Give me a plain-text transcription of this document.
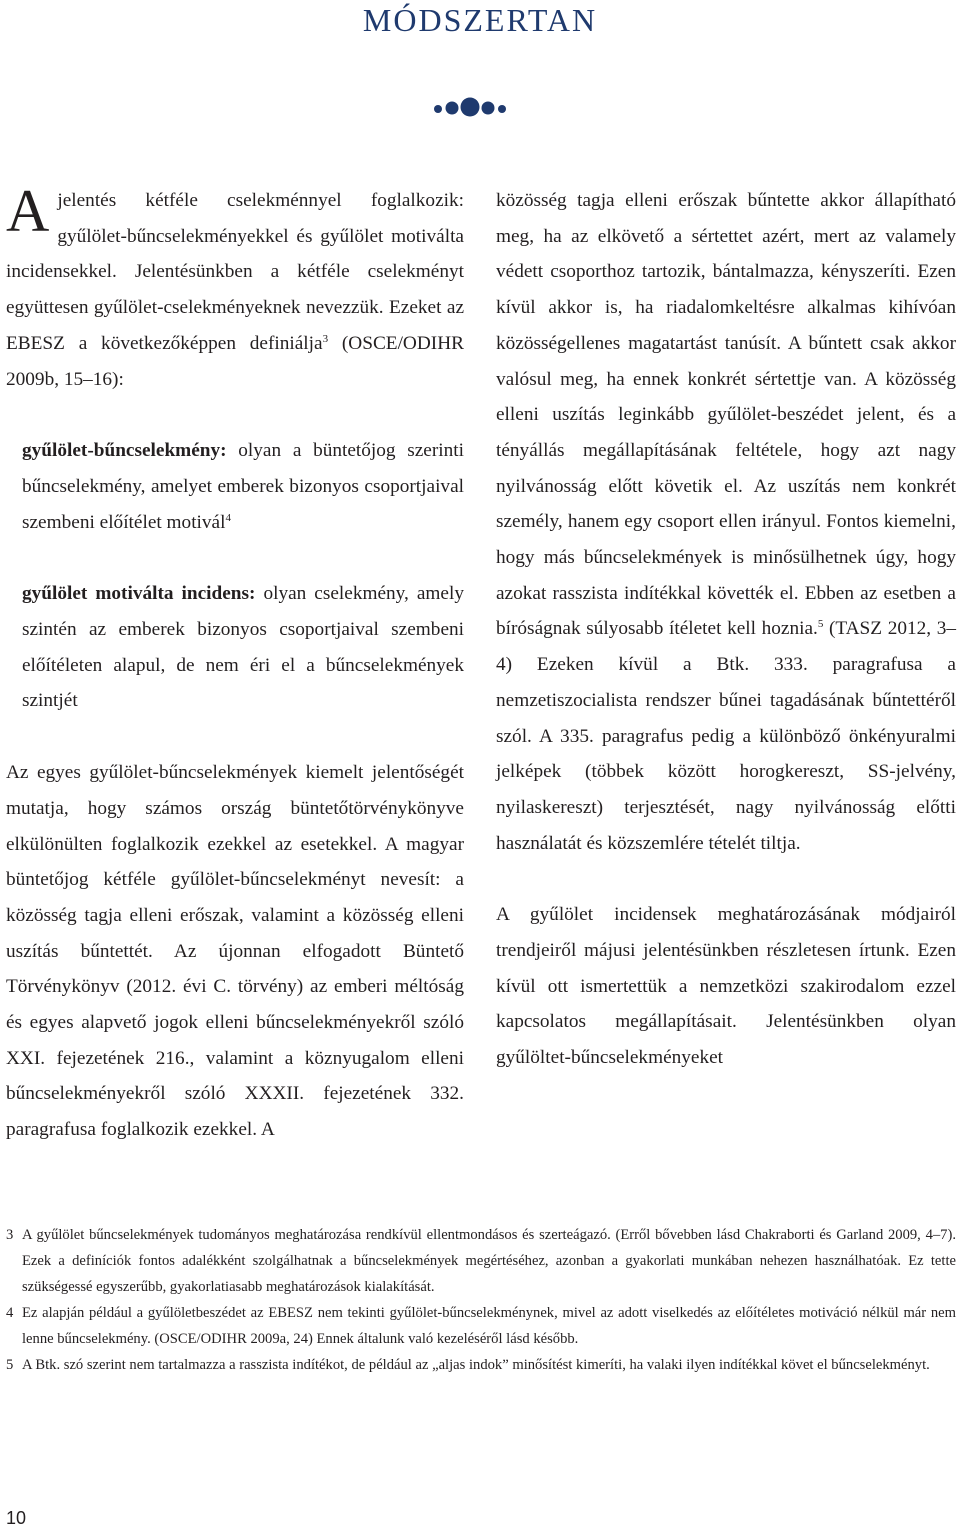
MÓDSZERTAN

Ajelentés kétféle cselekménnyel foglalkozik: gyűlölet-bűncselekményekkel és gyűlölet motiválta incidensekkel. Jelentésünkben a kétféle cselekményt együttesen gyűlölet-cselekményeknek nevezzük. Ezeket az EBESZ a következőképpen definiálja$^3$ (OSCE/ODIHR 2009b, 15–16):

gyűlölet-bűncselekmény: olyan a büntetőjog szerinti bűncselekmény, amelyet emberek bizonyos csoportjaival szembeni előítélet motivál$^4$

gyűlölet motiválta incidens: olyan cselekmény, amely szintén az emberek bizonyos csoportjaival szembeni előítéleten alapul, de nem éri el a bűncselekmények szintjét

Az egyes gyűlölet-bűncselekmények kiemelt jelentőségét mutatja, hogy számos ország büntetőtörvénykönyve elkülönülten foglalkozik ezekkel az esetekkel. A magyar büntetőjog kétféle gyűlölet-bűncselekményt nevesít: a közösség tagja elleni erőszak, valamint a közösség elleni uszítás bűntettét. Az újonnan elfogadott Büntető Törvénykönyv (2012. évi C. törvény) az emberi méltóság és egyes alapvető jogok elleni bűncselekményekről szóló XXI. fejezetének 216., valamint a köznyugalom elleni bűncselekményekről szóló XXXII. fejezetének 332. paragrafusa foglalkozik ezekkel. A

közösség tagja elleni erőszak bűntette akkor állapítható meg, ha az elkövető a sértettet azért, mert az valamely védett csoporthoz tartozik, bántalmazza, kényszeríti. Ezen kívül akkor is, ha riadalomkeltésre alkalmas kihívóan közösségellenes magatartást tanúsít. A bűntett csak akkor valósul meg, ha ennek konkrét sértettje van. A közösség elleni uszítás leginkább gyűlölet-beszédet jelent, és a tényállás megállapításának feltétele, hogy azt nagy nyilvánosság előtt követik el. Az uszítás nem konkrét személy, hanem egy csoport ellen irányul. Fontos kiemelni, hogy más bűncselekmények is minősülhetnek úgy, hogy azokat rasszista indítékkal követték el. Ebben az esetben a bíróságnak súlyosabb ítéletet kell hoznia.$^5$ (TASZ 2012, 3–4) Ezeken kívül a Btk. 333. paragrafusa a nemzetiszocialista rendszer bűnei tagadásának bűntettéről szól. A 335. paragrafus pedig a különböző önkényuralmi jelképek (többek között horogkereszt, SS-jelvény, nyilaskereszt) terjesztését, nagy nyilvánosság előtti használatát és közszemlére tételét tiltja.

A gyűlölet incidensek meghatározásának módjairól trendjeiről májusi jelentésünkben részletesen írtunk. Ezen kívül ott ismertettük a nemzetközi szakirodalom ezzel kapcsolatos megállapításait. Jelentésünkben olyan gyűlöltet-bűncselekményeket

3 A gyűlölet bűncselekmények tudományos meghatározása rendkívül ellentmondásos és szerteágazó. (Erről bővebben lásd Chakraborti és Garland 2009, 4–7). Ezek a definíciók fontos adalékként szolgálhatnak a bűncselekmények megértéséhez, azonban a gyakorlati munkában nehezen használhatóak. Ez tette szükségessé egyszerűbb, gyakorlatiasabb meghatározások kialakítását.

4 Ez alapján például a gyűlöletbeszédet az EBESZ nem tekinti gyűlölet-bűncselekménynek, mivel az adott viselkedés az előítéletes motiváció nélkül már nem lenne bűncselekmény. (OSCE/ODIHR 2009a, 24) Ennek általunk való kezeléséről lásd később.

5 A Btk. szó szerint nem tartalmazza a rasszista indítékot, de például az „aljas indok” minősítést kimeríti, ha valaki ilyen indítékkal követ el bűncselekményt.

10
